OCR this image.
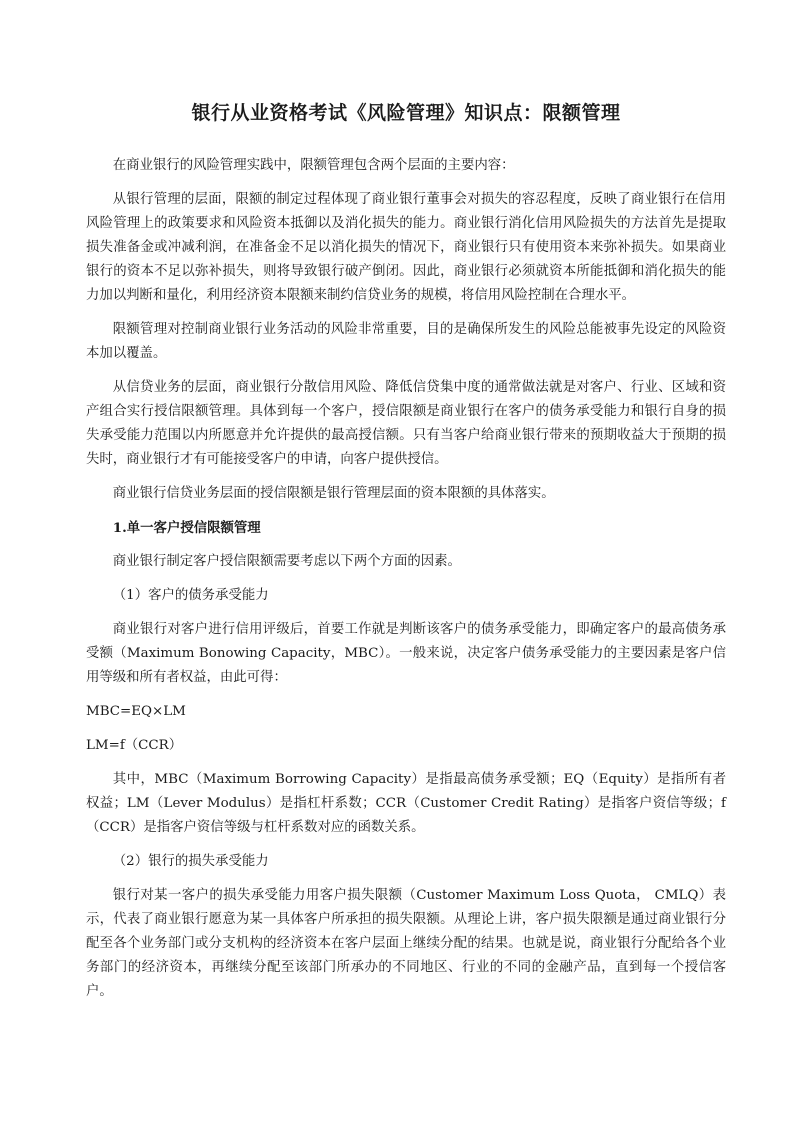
银行从业资格考试《风险管理》知识点：限额管理
在商业银行的风险管理实践中，限额管理包含两个层面的主要内容：
从银行管理的层面，限额的制定过程体现了商业银行董事会对损失的容忍程度，反映了商业银行在信用风险管理上的政策要求和风险资本抵御以及消化损失的能力。商业银行消化信用风险损失的方法首先是提取损失准备金或冲减利润，在准备金不足以消化损失的情况下，商业银行只有使用资本来弥补损失。如果商业银行的资本不足以弥补损失，则将导致银行破产倒闭。因此，商业银行必须就资本所能抵御和消化损失的能力加以判断和量化，利用经济资本限额来制约信贷业务的规模，将信用风险控制在合理水平。
限额管理对控制商业银行业务活动的风险非常重要，目的是确保所发生的风险总能被事先设定的风险资本加以覆盖。
从信贷业务的层面，商业银行分散信用风险、降低信贷集中度的通常做法就是对客户、行业、区域和资产组合实行授信限额管理。具体到每一个客户，授信限额是商业银行在客户的债务承受能力和银行自身的损失承受能力范围以内所愿意并允许提供的最高授信额。只有当客户给商业银行带来的预期收益大于预期的损失时，商业银行才有可能接受客户的申请，向客户提供授信。
商业银行信贷业务层面的授信限额是银行管理层面的资本限额的具体落实。
1.单一客户授信限额管理
商业银行制定客户授信限额需要考虑以下两个方面的因素。
（1）客户的债务承受能力
商业银行对客户进行信用评级后，首要工作就是判断该客户的债务承受能力，即确定客户的最高债务承受额（Maximum Bonowing Capacity，MBC）。一般来说，决定客户债务承受能力的主要因素是客户信用等级和所有者权益，由此可得：
MBC=EQ×LM
LM=f（CCR）
其中，MBC（Maximum Borrowing Capacity）是指最高债务承受额；EQ（Equity）是指所有者权益；LM（Lever Modulus）是指杠杆系数；CCR（Customer Credit Rating）是指客户资信等级；f（CCR）是指客户资信等级与杠杆系数对应的函数关系。
（2）银行的损失承受能力
银行对某一客户的损失承受能力用客户损失限额（Customer Maximum Loss Quota， CMLQ）表示，代表了商业银行愿意为某一具体客户所承担的损失限额。从理论上讲，客户损失限额是通过商业银行分配至各个业务部门或分支机构的经济资本在客户层面上继续分配的结果。也就是说，商业银行分配给各个业务部门的经济资本，再继续分配至该部门所承办的不同地区、行业的不同的金融产品，直到每一个授信客户。
